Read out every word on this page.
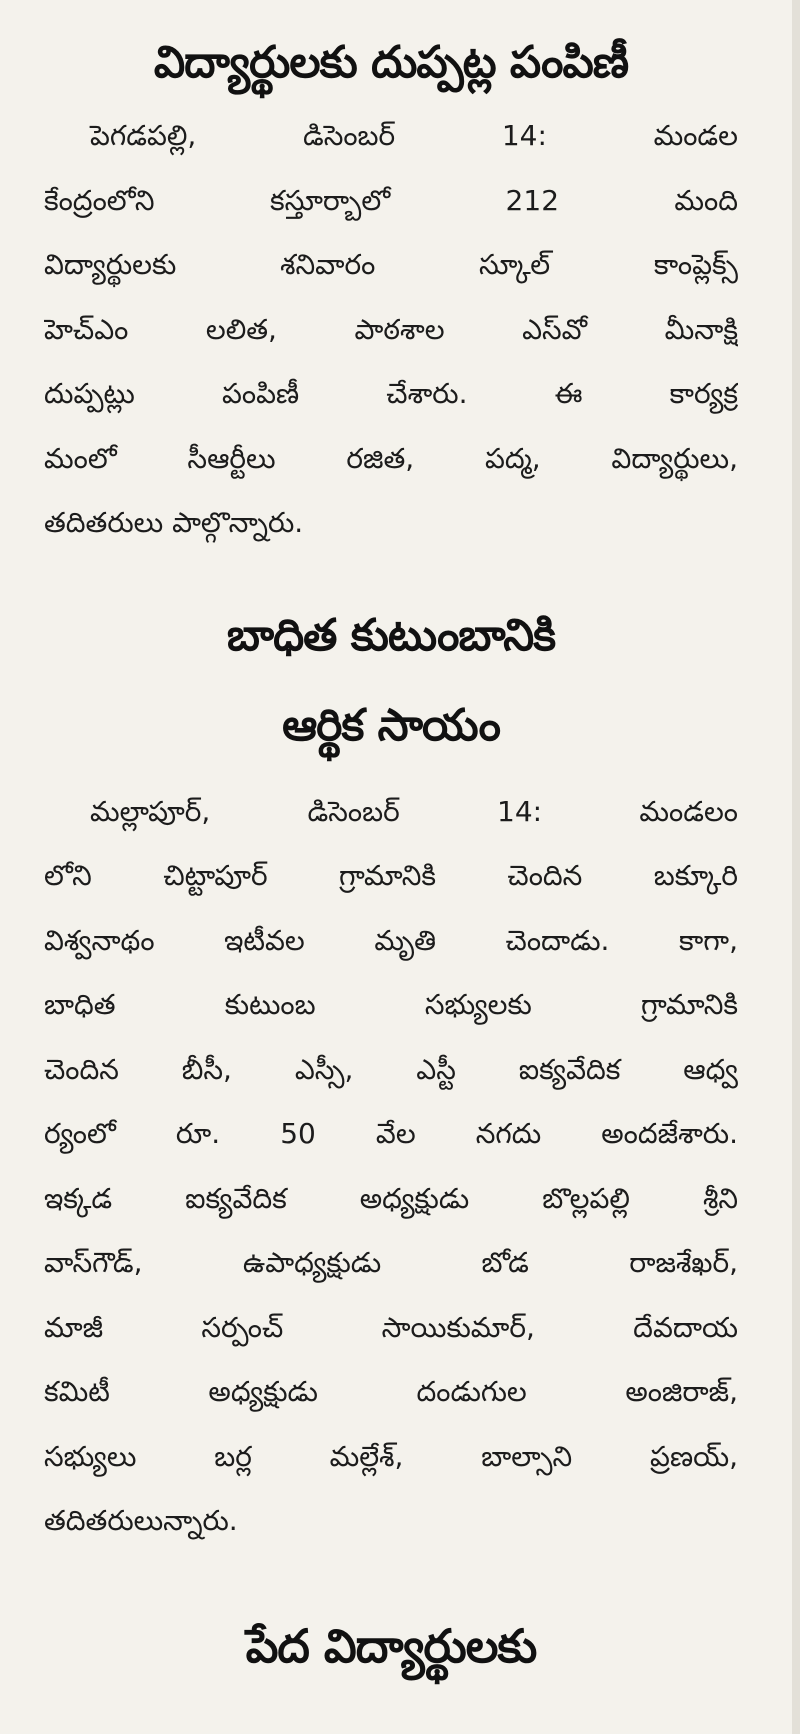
విద్యార్థులకు దుప్పట్ల పంపిణీ
పెగడపల్లి, డిసెంబర్ 14: మండల
కేంద్రంలోని కస్తూర్బాలో 212 మంది
విద్యార్థులకు శనివారం స్కూల్ కాంప్లెక్స్
హెచ్‌ఎం లలిత, పాఠశాల ఎస్‌వో మీనాక్షి
దుప్పట్లు పంపిణీ చేశారు. ఈ కార్యక్ర
మంలో సీఆర్టీలు రజిత, పద్మ, విద్యార్థులు,
తదితరులు పాల్గొన్నారు.
బాధిత కుటుంబానికి
ఆర్థిక సాయం
మల్లాపూర్, డిసెంబర్ 14: మండలం
లోని చిట్టాపూర్ గ్రామానికి చెందిన బక్కూరి
విశ్వనాథం ఇటీవల మృతి చెందాడు. కాగా,
బాధిత కుటుంబ సభ్యులకు గ్రామానికి
చెందిన బీసీ, ఎస్సీ, ఎస్టీ ఐక్యవేదిక ఆధ్వ
ర్యంలో రూ. 50 వేల నగదు అందజేశారు.
ఇక్కడ ఐక్యవేదిక అధ్యక్షుడు బొల్లపల్లి శ్రీని
వాస్‌గౌడ్, ఉపాధ్యక్షుడు బోడ రాజశేఖర్,
మాజీ సర్పంచ్ సాయికుమార్, దేవదాయ
కమిటీ అధ్యక్షుడు దండుగుల అంజిరాజ్,
సభ్యులు బర్ల మల్లేశ్, బాల్సాని ప్రణయ్,
తదితరులున్నారు.
పేద విద్యార్థులకు
